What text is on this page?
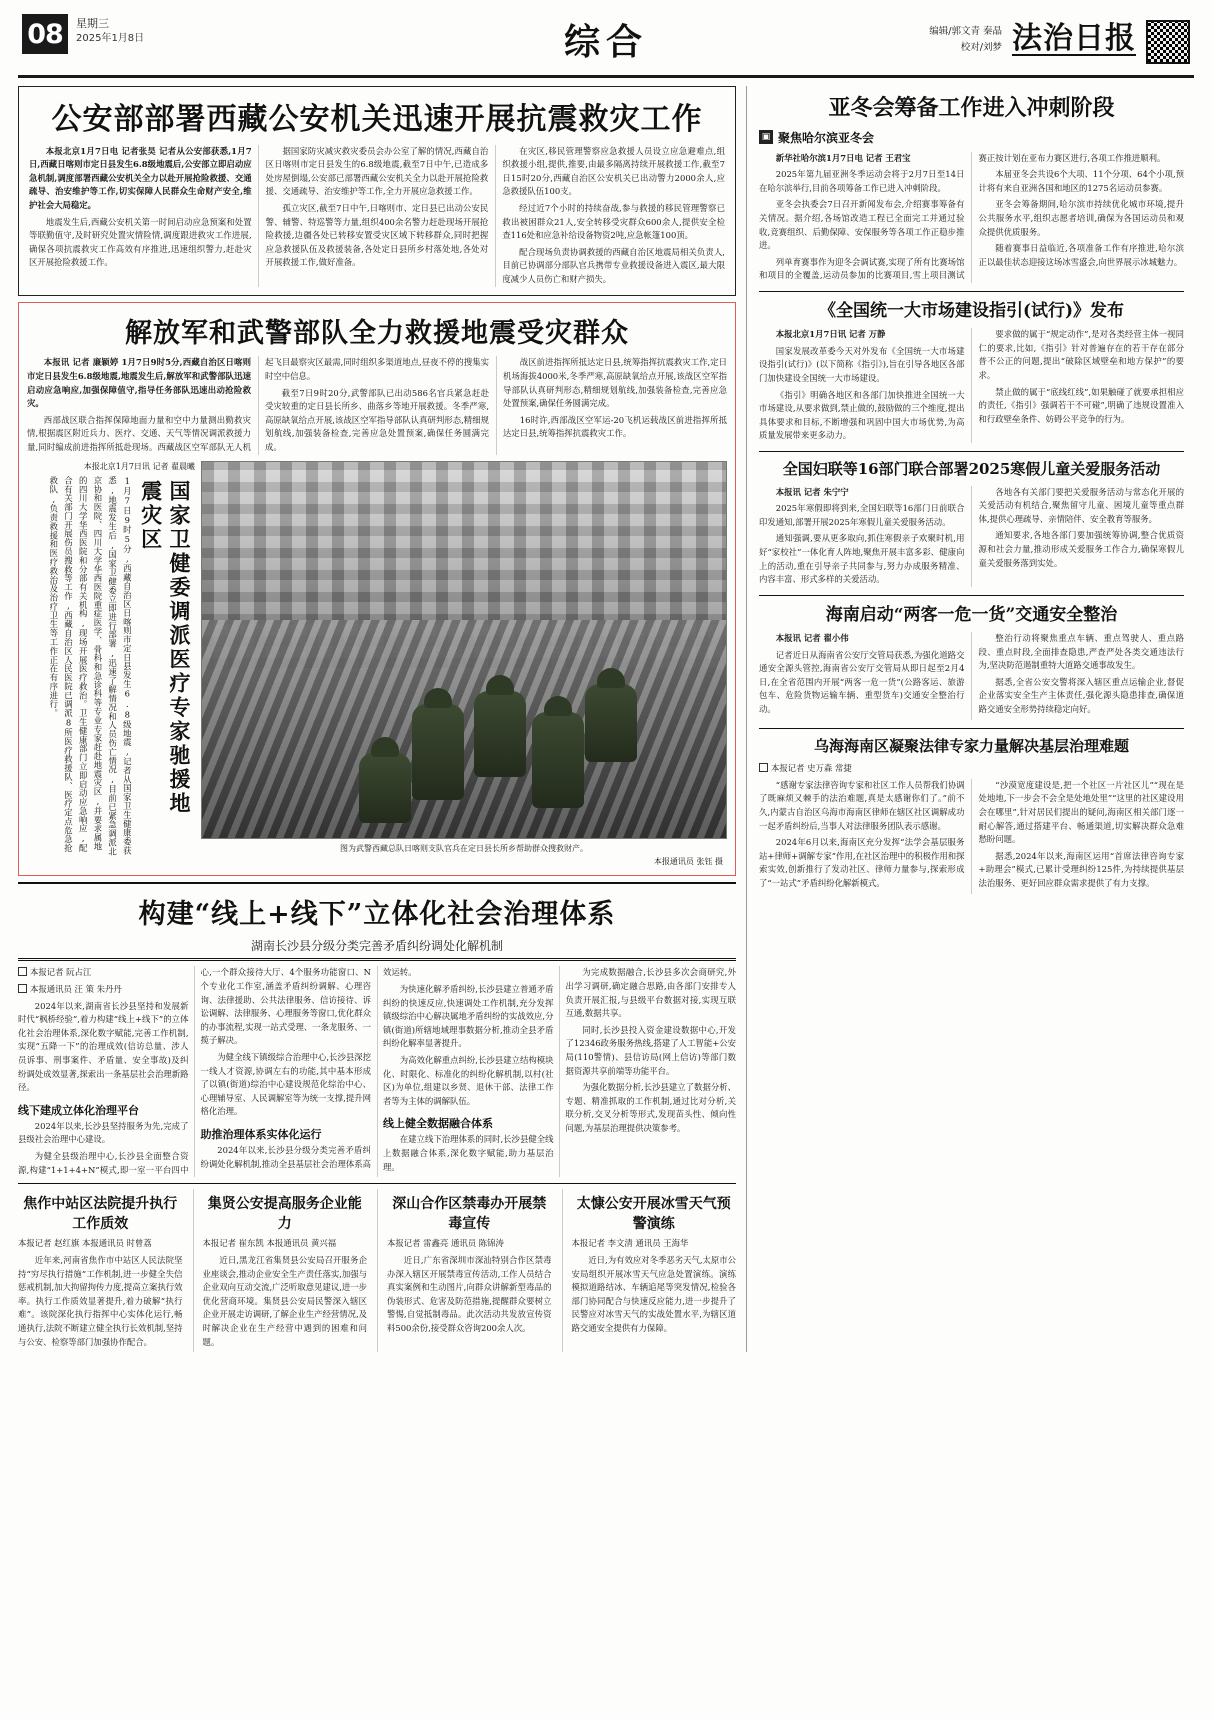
08	星期三
2025年1月8日	综合	编辑/郭文青 秦晶
校对/刘梦 法治日报
公安部部署西藏公安机关迅速开展抗震救灾工作

本报北京1月7日电 记者张昊 记者从公安部获悉,1月7日,西藏日喀则市定日县发生6.8级地震后,公安部立即启动应急机制,调度部署西藏公安机关全力以赴开展抢险救援、交通疏导、治安维护等工作,切实保障人民群众生命财产安全,维护社会大局稳定。

地震发生后,西藏公安机关第一时间启动应急预案和处置等联勤值守,及时研究处置灾情险情,调度跟进救灾工作进展,确保各项抗震救灾工作高效有序推进,迅速组织警力,赶赴灾区开展抢险救援工作。

据国家防灾减灾救灾委员会办公室了解的情况,西藏自治区日喀则市定日县发生的6.8级地震,截至7日中午,已造成多处房屋倒塌,公安部已部署西藏公安机关全力以赴开展抢险救援、交通疏导、治安维护等工作,全力开展应急救援工作。

孤立灾区,截至7日中午,日喀则市、定日县已出动公安民警、辅警、特巡警等力量,组织400余名警力赶赴现场开展抢险救援,边疆各处已转移安置受灾区域下转移群众,同时把握应急救援队伍及救援装备,各处定日县所乡村落处地,各处对开展救援工作,做好准备。

在灾区,移民管理警察应急救援人员设立应急避难点,组织救援小组,提供,推要,由最多隔离持续开展救援工作,截至7日15时20分,西藏自治区公安机关已出动警力2000余人,应急救援队伍100支。

经过近7个小时的持续奋战,参与救援的移民管理警察已救出被困群众21人,安全转移受灾群众600余人,提供安全检查116处和应急补给设备物资2吨,应急帐篷100顶。

配合现场负责协调救援的西藏自治区地震局相关负责人,目前已协调部分部队官兵携带专业救援设备进入震区,最大限度减少人员伤亡和财产损失。

解放军和武警部队全力救援地震受灾群众

本报讯 记者 廉颖婷 1月7日9时5分,西藏自治区日喀则市定日县发生6.8级地震,地震发生后,解放军和武警部队迅速启动应急响应,加强保障值守,指导任务部队迅速出动抢险救灾。

西部战区联合指挥保障地面力量和空中力量测出勤救灾情,根据震区附近兵力、医疗、交通、天气等情况调派救援力量,同时编成前进指挥所抵赴现场。西藏战区空军部队无人机起飞目最察灾区最需,同时组织多渠道地点,昼夜不停的搜集实时空中信息。

截至7日9时20分,武警部队已出动586名官兵紧急赶赴受灾较重的定日县长所乡、曲落乡等地开展救援。冬季严寒,高原缺氧给点开展,该战区空军指导部队认真研判形态,精细规划航线,加强装备检查,完善应急处置预案,确保任务圆满完成。

战区前进指挥所抵达定日县,统筹指挥抗震救灾工作,定日机场海拔4000米,冬季严寒,高原缺氧给点开展,该战区空军指导部队认真研判形态,精细规划航线,加强装备检查,完善应急处置预案,确保任务圆满完成。

16时许,西部战区空军运-20飞机运载战区前进指挥所抵达定日县,统筹指挥抗震救灾工作。

本报北京1月7日讯 记者 翟晨曦
国家卫健委调派医疗专家驰援地震灾区
1月7日9时5分,西藏自治区日喀则市定日县发生6.8级地震,记者从国家卫生健康委获悉,地震发生后,国家卫健委立即进行部署,迅速了解情况和人员伤亡情况,目前已紧急调派北京协和医院、四川大学华西医院重症医学、骨科和急诊科等专业专家赶赴地震灾区,并要求属地的四川大学华西医院和分部有关机构,现场开展医疗救治。卫生健康部门立即启动应急响应,配合有关部门开展伤员搜救等工作,西藏自治区人民医院已调派8所医疗救援队、医疗定点危急抢救队,负责救援和医疗救治及治疗卫生等工作正在有序进行。
图为武警西藏总队日喀则支队官兵在定日县长所乡帮助群众搜救财产。
本报通讯员 张钰 摄
构建“线上+线下”立体化社会治理体系
湖南长沙县分级分类完善矛盾纠纷调处化解机制

本报记者 阮占江

本报通讯员 汪 策 朱丹丹

2024年以来,湖南省长沙县坚持和发展新时代“枫桥经验”,着力构建“线上+线下”的立体化社会治理体系,深化数字赋能,完善工作机制,实现“五降一下”的治理成效(信访总量、涉人员诉事、刑事案件、矛盾量、安全事故)及纠纷调处成效显著,探索出一条基层社会治理新路径。

线下建成立体化治理平台

2024年以来,长沙县坚持服务为先,完成了县级社会治理中心建设。

为健全县级治理中心,长沙县全面整合资源,构建“1+1+4+N”模式,即一室一平台四中心,一个群众接待大厅、4个服务功能窗口、N个专业化工作室,涵盖矛盾纠纷调解、心理咨询、法律援助、公共法律服务、信访接待、诉讼调解、法律服务、心理服务等窗口,优化群众的办事流程,实现一站式受理、一条龙服务、一揽子解决。

为健全线下镇级综合治理中心,长沙县深挖一线人才资源,协调左右的功能,其中基本形成了以镇(街道)综治中心建设规范化综治中心、心理辅导室、人民调解室等为统一支撑,提升网格化治理。

助推治理体系实体化运行

2024年以来,长沙县分级分类完善矛盾纠纷调处化解机制,推动全县基层社会治理体系高效运转。

为快速化解矛盾纠纷,长沙县建立普通矛盾纠纷的快速反应,快速调处工作机制,充分发挥镇级综治中心解决属地矛盾纠纷的实战效应,分镇(街道)所辖地域理事数据分析,推动全县矛盾纠纷化解率显著提升。

为高效化解重点纠纷,长沙县建立结构模块化、时限化、标准化的纠纷化解机制,以村(社区)为单位,组建以乡贤、退休干部、法律工作者等为主体的调解队伍。

线上健全数据融合体系

在建立线下治理体系的同时,长沙县健全线上数据融合体系,深化数字赋能,助力基层治理。

为完成数据融合,长沙县多次会商研究,外出学习调研,确定融合思路,由各部门安排专人负责开展汇报,与县级平台数据对接,实现互联互通,数据共享。

同时,长沙县投入资金建设数据中心,开发了12346政务服务热线,搭建了人工智能+公安局(110警情)、县信访局(网上信访)等部门数据资源共享前端等功能平台。

为强化数据分析,长沙县建立了数据分析、专题、精准抓取的工作机制,通过比对分析,关联分析,交叉分析等形式,发现苗头性、倾向性问题,为基层治理提供决策参考。

焦作中站区法院提升执行工作质效

本报记者 赵红旗 本报通讯员 时曾荔

近年来,河南省焦作市中站区人民法院坚持“穷尽执行措施”工作机制,进一步健全失信惩戒机制,加大拘留拘传力度,提高立案执行效率。执行工作质效显著提升,着力破解“执行难”。该院深化执行指挥中心实体化运行,畅通执行,法院不断建立健全执行长效机制,坚持与公安、检察等部门加强协作配合。

集贤公安提高服务企业能力

本报记者 崔东凯 本报通讯员 黄兴福

近日,黑龙江省集贤县公安局召开服务企业座谈会,推动企业安全生产责任落实,加强与企业双向互动交流,广泛听取意见建议,进一步优化营商环境。集贤县公安局民警深入辖区企业开展走访调研,了解企业生产经营情况,及时解决企业在生产经营中遇到的困难和问题。

深山合作区禁毒办开展禁毒宣传

本报记者 雷鑫亮 通讯员 陈锦涛

近日,广东省深圳市深汕特别合作区禁毒办深入辖区开展禁毒宣传活动,工作人员结合真实案例和生动图片,向群众讲解新型毒品的伪装形式、危害及防范措施,提醒群众要树立警惕,自觉抵制毒品。此次活动共发放宣传资料500余份,接受群众咨询200余人次。

太慷公安开展冰雪天气预警演练

本报记者 李文清 通讯员 王海华

近日,为有效应对冬季恶劣天气,太原市公安局组织开展冰雪天气应急处置演练。演练模拟道路结冰、车辆追尾等突发情况,检验各部门协同配合与快速反应能力,进一步提升了民警应对冰雪天气的实战处置水平,为辖区道路交通安全提供有力保障。

亚冬会筹备工作进入冲刺阶段
▣ 聚焦哈尔滨亚冬会

新华社哈尔滨1月7日电 记者 王君宝

2025年第九届亚洲冬季运动会将于2月7日至14日在哈尔滨举行,目前各项筹备工作已进入冲刺阶段。

亚冬会执委会7日召开新闻发布会,介绍赛事筹备有关情况。据介绍,各场馆改造工程已全面完工并通过验收,竞赛组织、后勤保障、安保服务等各项工作正稳步推进。

列单育赛事作为迎冬会调试赛,实现了所有比赛场馆和项目的全覆盖,运动员参加的比赛项目,雪上项目测试赛正按计划在亚布力赛区进行,各项工作推进顺利。

本届亚冬会共设6个大项、11个分项、64个小项,预计将有来自亚洲各国和地区的1275名运动员参赛。

亚冬会筹备期间,哈尔滨市持续优化城市环境,提升公共服务水平,组织志愿者培训,确保为各国运动员和观众提供优质服务。

随着赛事日益临近,各项准备工作有序推进,哈尔滨正以最佳状态迎接这场冰雪盛会,向世界展示冰城魅力。

《全国统一大市场建设指引(试行)》发布

本报北京1月7日讯 记者 万静

国家发展改革委今天对外发布《全国统一大市场建设指引(试行)》(以下简称《指引》),旨在引导各地区各部门加快建设全国统一大市场建设。

《指引》明确各地区和各部门加快推进全国统一大市场建设,从要求做到,禁止做的,鼓励做的三个维度,提出具体要求和目标,不断增强和巩固中国大市场优势,为高质量发展带来更多动力。

要求做的属于“规定动作”,是对各类经营主体一视同仁的要求,比如,《指引》针对普遍存在的若干存在部分普不公正的问题,提出“破除区域壁垒和地方保护”的要求。

禁止做的属于“底线红线”,如果触碰了就要承担相应的责任,《指引》强调若干不可碰”,明确了违规设置准入和行政壁垒条件、妨碍公平竞争的行为。

全国妇联等16部门联合部署2025寒假儿童关爱服务活动

本报讯 记者 朱宁宁

2025年寒假即将到来,全国妇联等16部门日前联合印发通知,部署开展2025年寒假儿童关爱服务活动。

通知强调,要从更多取向,抓住寒假亲子欢聚时机,用好“家校社”一体化育人阵地,聚焦开展丰富多彩、健康向上的活动,重在引导亲子共同参与,努力办成服务精准、内容丰富、形式多样的关爱活动。

各地各有关部门要把关爱服务活动与常态化开展的关爱活动有机结合,聚焦留守儿童、困境儿童等重点群体,提供心理疏导、亲情陪伴、安全教育等服务。

通知要求,各地各部门要加强统筹协调,整合优质资源和社会力量,推动形成关爱服务工作合力,确保寒假儿童关爱服务落到实处。

海南启动“两客一危一货”交通安全整治

本报讯 记者 翟小伟

记者近日从海南省公安厅交管局获悉,为强化道路交通安全源头管控,海南省公安厅交管局从即日起至2月4日,在全省范围内开展“两客一危一货”(公路客运、旅游包车、危险货物运输车辆、重型货车)交通安全整治行动。

整治行动将聚焦重点车辆、重点驾驶人、重点路段、重点时段,全面排查隐患,严查严处各类交通违法行为,坚决防范遏制重特大道路交通事故发生。

据悉,全省公安交警将深入辖区重点运输企业,督促企业落实安全生产主体责任,强化源头隐患排查,确保道路交通安全形势持续稳定向好。

乌海海南区凝聚法律专家力量解决基层治理难题

本报记者 史万森 常捷

“感谢专家法律咨询专家和社区工作人员帮我们协调了既麻烦又棘手的法治难题,真是太感谢你们了。”前不久,内蒙古自治区乌海市海南区律师在辖区社区调解成功一起矛盾纠纷后,当事人对法律服务团队表示感谢。

2024年6月以来,海南区充分发挥“法学会基层服务站+律师+调解专家”作用,在社区治理中的积极作用和探索实效,创新推行了发动社区、律师力量参与,探索形成了“一站式”矛盾纠纷化解新模式。

“沙漠宽度建设是,把一个社区一片社区儿”“现在是处地地,下一步会不会全是处地处里”“这里的社区建设用会在哪里”,针对居民们提出的疑问,海南区相关部门逐一耐心解答,通过搭建平台、畅通渠道,切实解决群众急难愁盼问题。

据悉,2024年以来,海南区运用“首席法律咨询专家+助理会”模式,已累计受理纠纷125件,为持续提供基层法治服务、更好回应群众需求提供了有力支撑。
